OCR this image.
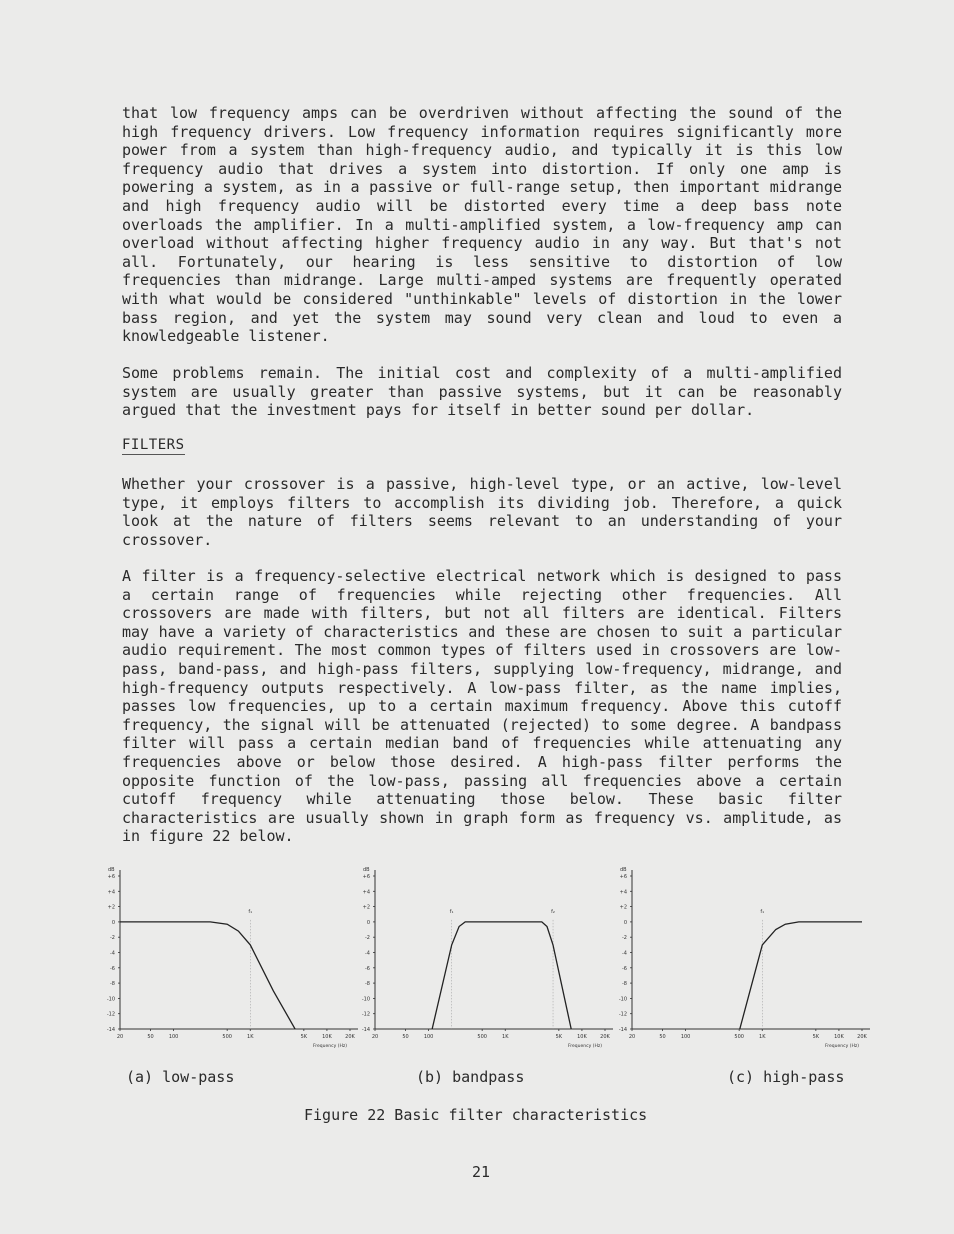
that low frequency amps can be overdriven without affecting the sound of the high frequency drivers. Low frequency information requires significantly more power from a system than high-frequency audio, and typically it is this low frequency audio that drives a system into distortion. If only one amp is powering a system, as in a passive or full-range setup, then important midrange and high frequency audio will be distorted every time a deep bass note overloads the amplifier. In a multi-amplified system, a low-frequency amp can overload without affecting higher frequency audio in any way. But that's not all. Fortunately, our hearing is less sensitive to distortion of low frequencies than midrange. Large multi-amped systems are frequently operated with what would be considered "unthinkable" levels of distortion in the lower bass region, and yet the system may sound very clean and loud to even a knowledgeable listener.
Some problems remain. The initial cost and complexity of a multi-amplified system are usually greater than passive systems, but it can be reasonably argued that the investment pays for itself in better sound per dollar.
FILTERS
Whether your crossover is a passive, high-level type, or an active, low-level type, it employs filters to accomplish its dividing job. Therefore, a quick look at the nature of filters seems relevant to an understanding of your crossover.
A filter is a frequency-selective electrical network which is designed to pass a certain range of frequencies while rejecting other frequencies. All crossovers are made with filters, but not all filters are identical. Filters may have a variety of characteristics and these are chosen to suit a particular audio requirement. The most common types of filters used in crossovers are low-pass, band-pass, and high-pass filters, supplying low-frequency, midrange, and high-frequency outputs respectively. A low-pass filter, as the name implies, passes low frequencies, up to a certain maximum frequency. Above this cutoff frequency, the signal will be attenuated (rejected) to some degree. A bandpass filter will pass a certain median band of frequencies while attenuating any frequencies above or below those desired. A high-pass filter performs the opposite function of the low-pass, passing all frequencies above a certain cutoff frequency while attenuating those below. These basic filter characteristics are usually shown in graph form as frequency vs. amplitude, as in figure 22 below.
dB
+6
+4
+2
0
-2
-4
-6
-8
-10
-12
-14
20	50	100	500	1K	5K	10K	20K
Frequency (Hz)
f₁
dB
+6
+4
+2
0
-2
-4
-6
-8
-10
-12
-14
20	50	100	500	1K	5K	10K	20K
Frequency (Hz)
f₁	f₂
dB
+6
+4
+2
0
-2
-4
-6
-8
-10
-12
-14
20	50	100	500	1K	5K	10K	20K
Frequency (Hz)
f₁
(a) low-pass	(b) bandpass	(c) high-pass
Figure 22 Basic filter characteristics
21
